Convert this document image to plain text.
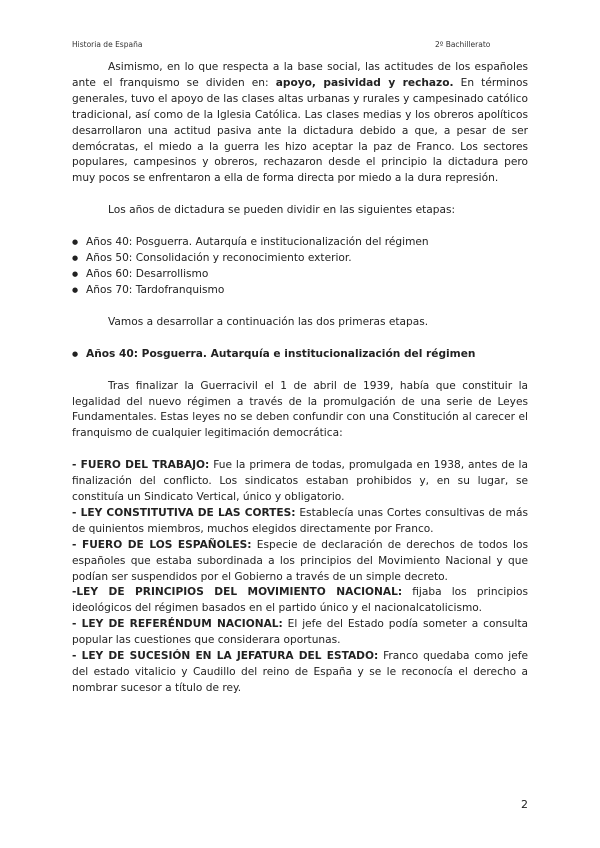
Historia de España	2º Bachillerato

Asimismo, en lo que respecta a la base social, las actitudes de los españoles ante el franquismo se dividen en: apoyo, pasividad y rechazo. En términos generales, tuvo el apoyo de las clases altas urbanas y rurales y campesinado católico tradicional, así como de la Iglesia Católica. Las clases medias y los obreros apolíticos desarrollaron una actitud pasiva ante la dictadura debido a que, a pesar de ser demócratas, el miedo a la guerra les hizo aceptar la paz de Franco. Los sectores populares, campesinos y obreros, rechazaron desde el principio la dictadura pero muy pocos se enfrentaron a ella de forma directa por miedo a la dura represión.

Los años de dictadura se pueden dividir en las siguientes etapas:

● Años 40: Posguerra. Autarquía e institucionalización del régimen
● Años 50: Consolidación y reconocimiento exterior.
● Años 60: Desarrollismo
● Años 70: Tardofranquismo

Vamos a desarrollar a continuación las dos primeras etapas.

● Años 40: Posguerra. Autarquía e institucionalización del régimen

Tras finalizar la Guerracivil el 1 de abril de 1939, había que constituir la legalidad del nuevo régimen a través de la promulgación de una serie de Leyes Fundamentales. Estas leyes no se deben confundir con una Constitución al carecer el franquismo de cualquier legitimación democrática:

- FUERO DEL TRABAJO: Fue la primera de todas, promulgada en 1938, antes de la finalización del conflicto. Los sindicatos estaban prohibidos y, en su lugar, se constituía un Sindicato Vertical, único y obligatorio.

- LEY CONSTITUTIVA DE LAS CORTES: Establecía unas Cortes consultivas de más de quinientos miembros, muchos elegidos directamente por Franco.

- FUERO DE LOS ESPAÑOLES: Especie de declaración de derechos de todos los españoles que estaba subordinada a los principios del Movimiento Nacional y que podían ser suspendidos por el Gobierno a través de un simple decreto.

-LEY DE PRINCIPIOS DEL MOVIMIENTO NACIONAL: fijaba los principios ideológicos del régimen basados en el partido único y el nacionalcatolicismo.

- LEY DE REFERÉNDUM NACIONAL: El jefe del Estado podía someter a consulta popular las cuestiones que considerara oportunas.

- LEY DE SUCESIÓN EN LA JEFATURA DEL ESTADO: Franco quedaba como jefe del estado vitalicio y Caudillo del reino de España y se le reconocía el derecho a nombrar sucesor a título de rey.

2
